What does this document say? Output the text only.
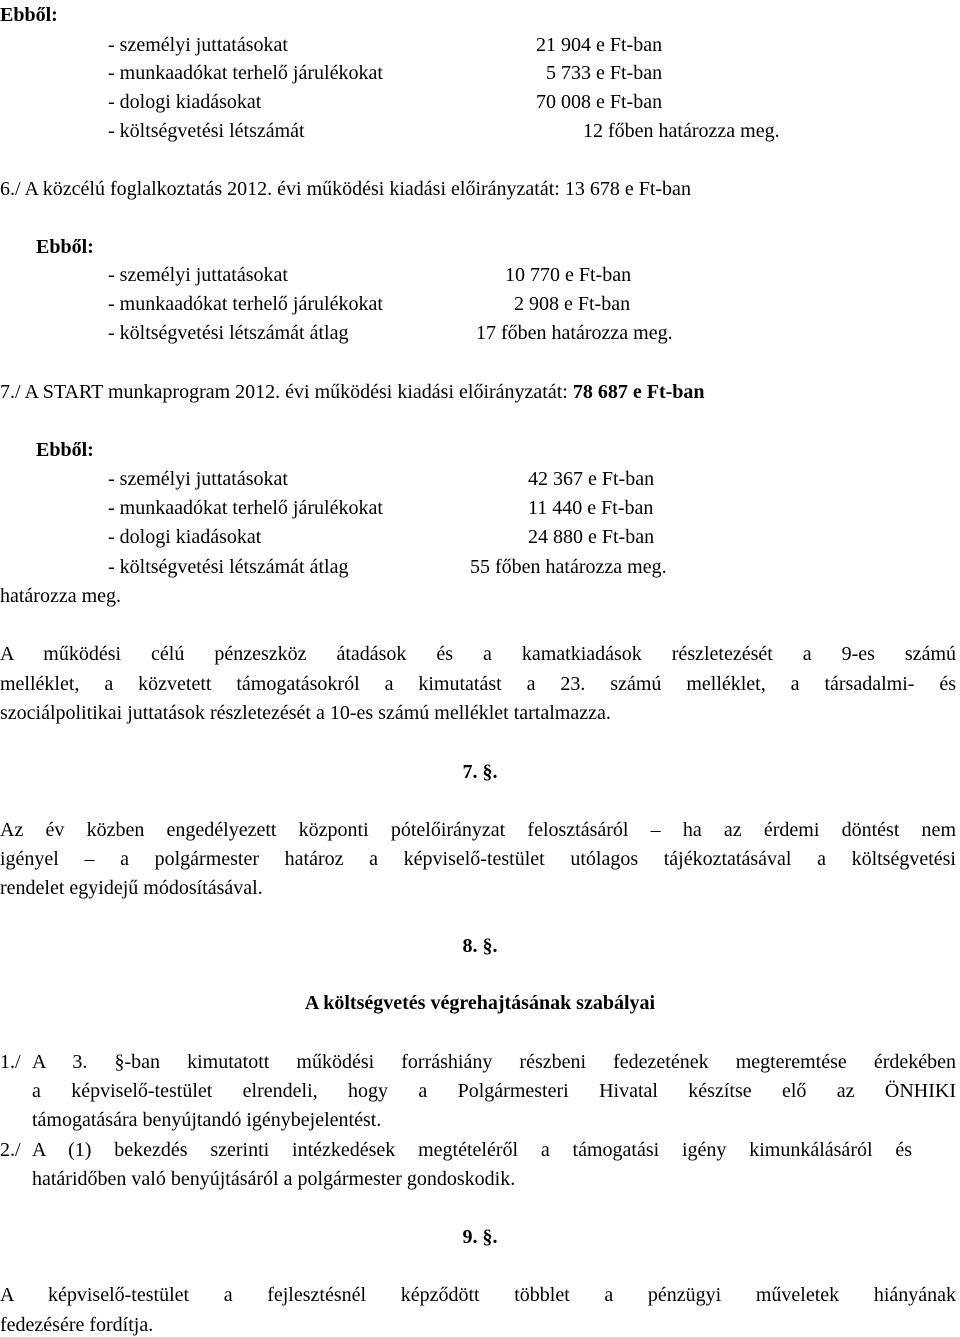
Ebből:
- személyi juttatásokat	21 904 e Ft-ban
- munkaadókat terhelő járulékokat	5 733 e Ft-ban
- dologi kiadásokat	70 008 e Ft-ban
- költségvetési létszámát	12 főben határozza meg.
6./ A közcélú foglalkoztatás 2012. évi működési kiadási előirányzatát: 13 678 e Ft-ban
Ebből:
- személyi juttatásokat	10 770 e Ft-ban
- munkaadókat terhelő járulékokat	2 908 e Ft-ban
- költségvetési létszámát átlag	17 főben határozza meg.
7./ A START munkaprogram 2012. évi működési kiadási előirányzatát: 78 687 e Ft-ban
Ebből:
- személyi juttatásokat	42 367 e Ft-ban
- munkaadókat terhelő járulékokat	11 440 e Ft-ban
- dologi kiadásokat	24 880 e Ft-ban
- költségvetési létszámát átlag	55 főben határozza meg.
határozza meg.
A működési célú pénzeszköz átadások és a kamatkiadások részletezését a 9-es számú
melléklet, a közvetett támogatásokról a kimutatást a 23. számú melléklet, a társadalmi- és
szociálpolitikai juttatások részletezését a 10-es számú melléklet tartalmazza.
7. §.
Az év közben engedélyezett központi pótelőirányzat felosztásáról – ha az érdemi döntést nem
igényel – a polgármester határoz a képviselő-testület utólagos tájékoztatásával a költségvetési
rendelet egyidejű módosításával.
8. §.
A költségvetés végrehajtásának szabályai
1./ A 3. §-ban kimutatott működési forráshiány részbeni fedezetének megteremtése érdekében
a képviselő-testület elrendeli, hogy a Polgármesteri Hivatal készítse elő az ÖNHIKI
támogatására benyújtandó igénybejelentést.
2./ A (1) bekezdés szerinti intézkedések megtételéről a támogatási igény kimunkálásáról és
határidőben való benyújtásáról a polgármester gondoskodik.
9. §.
A képviselő-testület a fejlesztésnél képződött többlet a pénzügyi műveletek hiányának
fedezésére fordítja.
